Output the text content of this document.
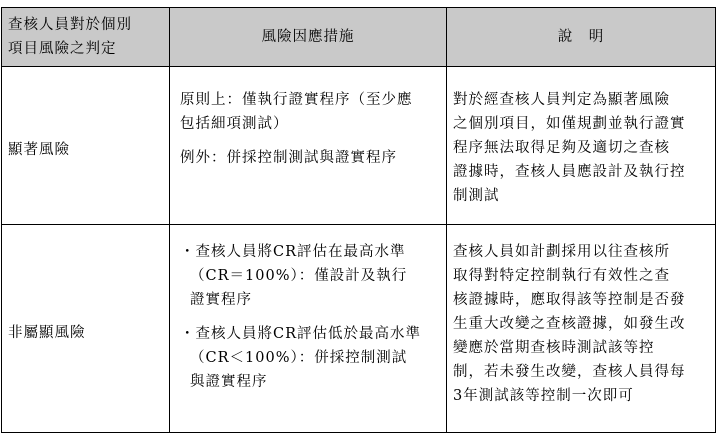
查核人員對於個別
項目風險之判定
風險因應措施	說　明
顯著風險
原則上：僅執行證實程序（至少應
包括細項測試）
例外：併採控制測試與證實程序
對於經查核人員判定為顯著風險
之個別項目，如僅規劃並執行證實
程序無法取得足夠及適切之查核
證據時，查核人員應設計及執行控
制測試
非屬顯風險
・查核人員將CR評估在最高水準
（CR＝100%）：僅設計及執行
證實程序
・查核人員將CR評估低於最高水準
（CR＜100%）：併採控制測試
與證實程序
查核人員如計劃採用以往查核所
取得對特定控制執行有效性之查
核證據時，應取得該等控制是否發
生重大改變之查核證據，如發生改
變應於當期查核時測試該等控
制，若未發生改變，查核人員得每
3年測試該等控制一次即可
